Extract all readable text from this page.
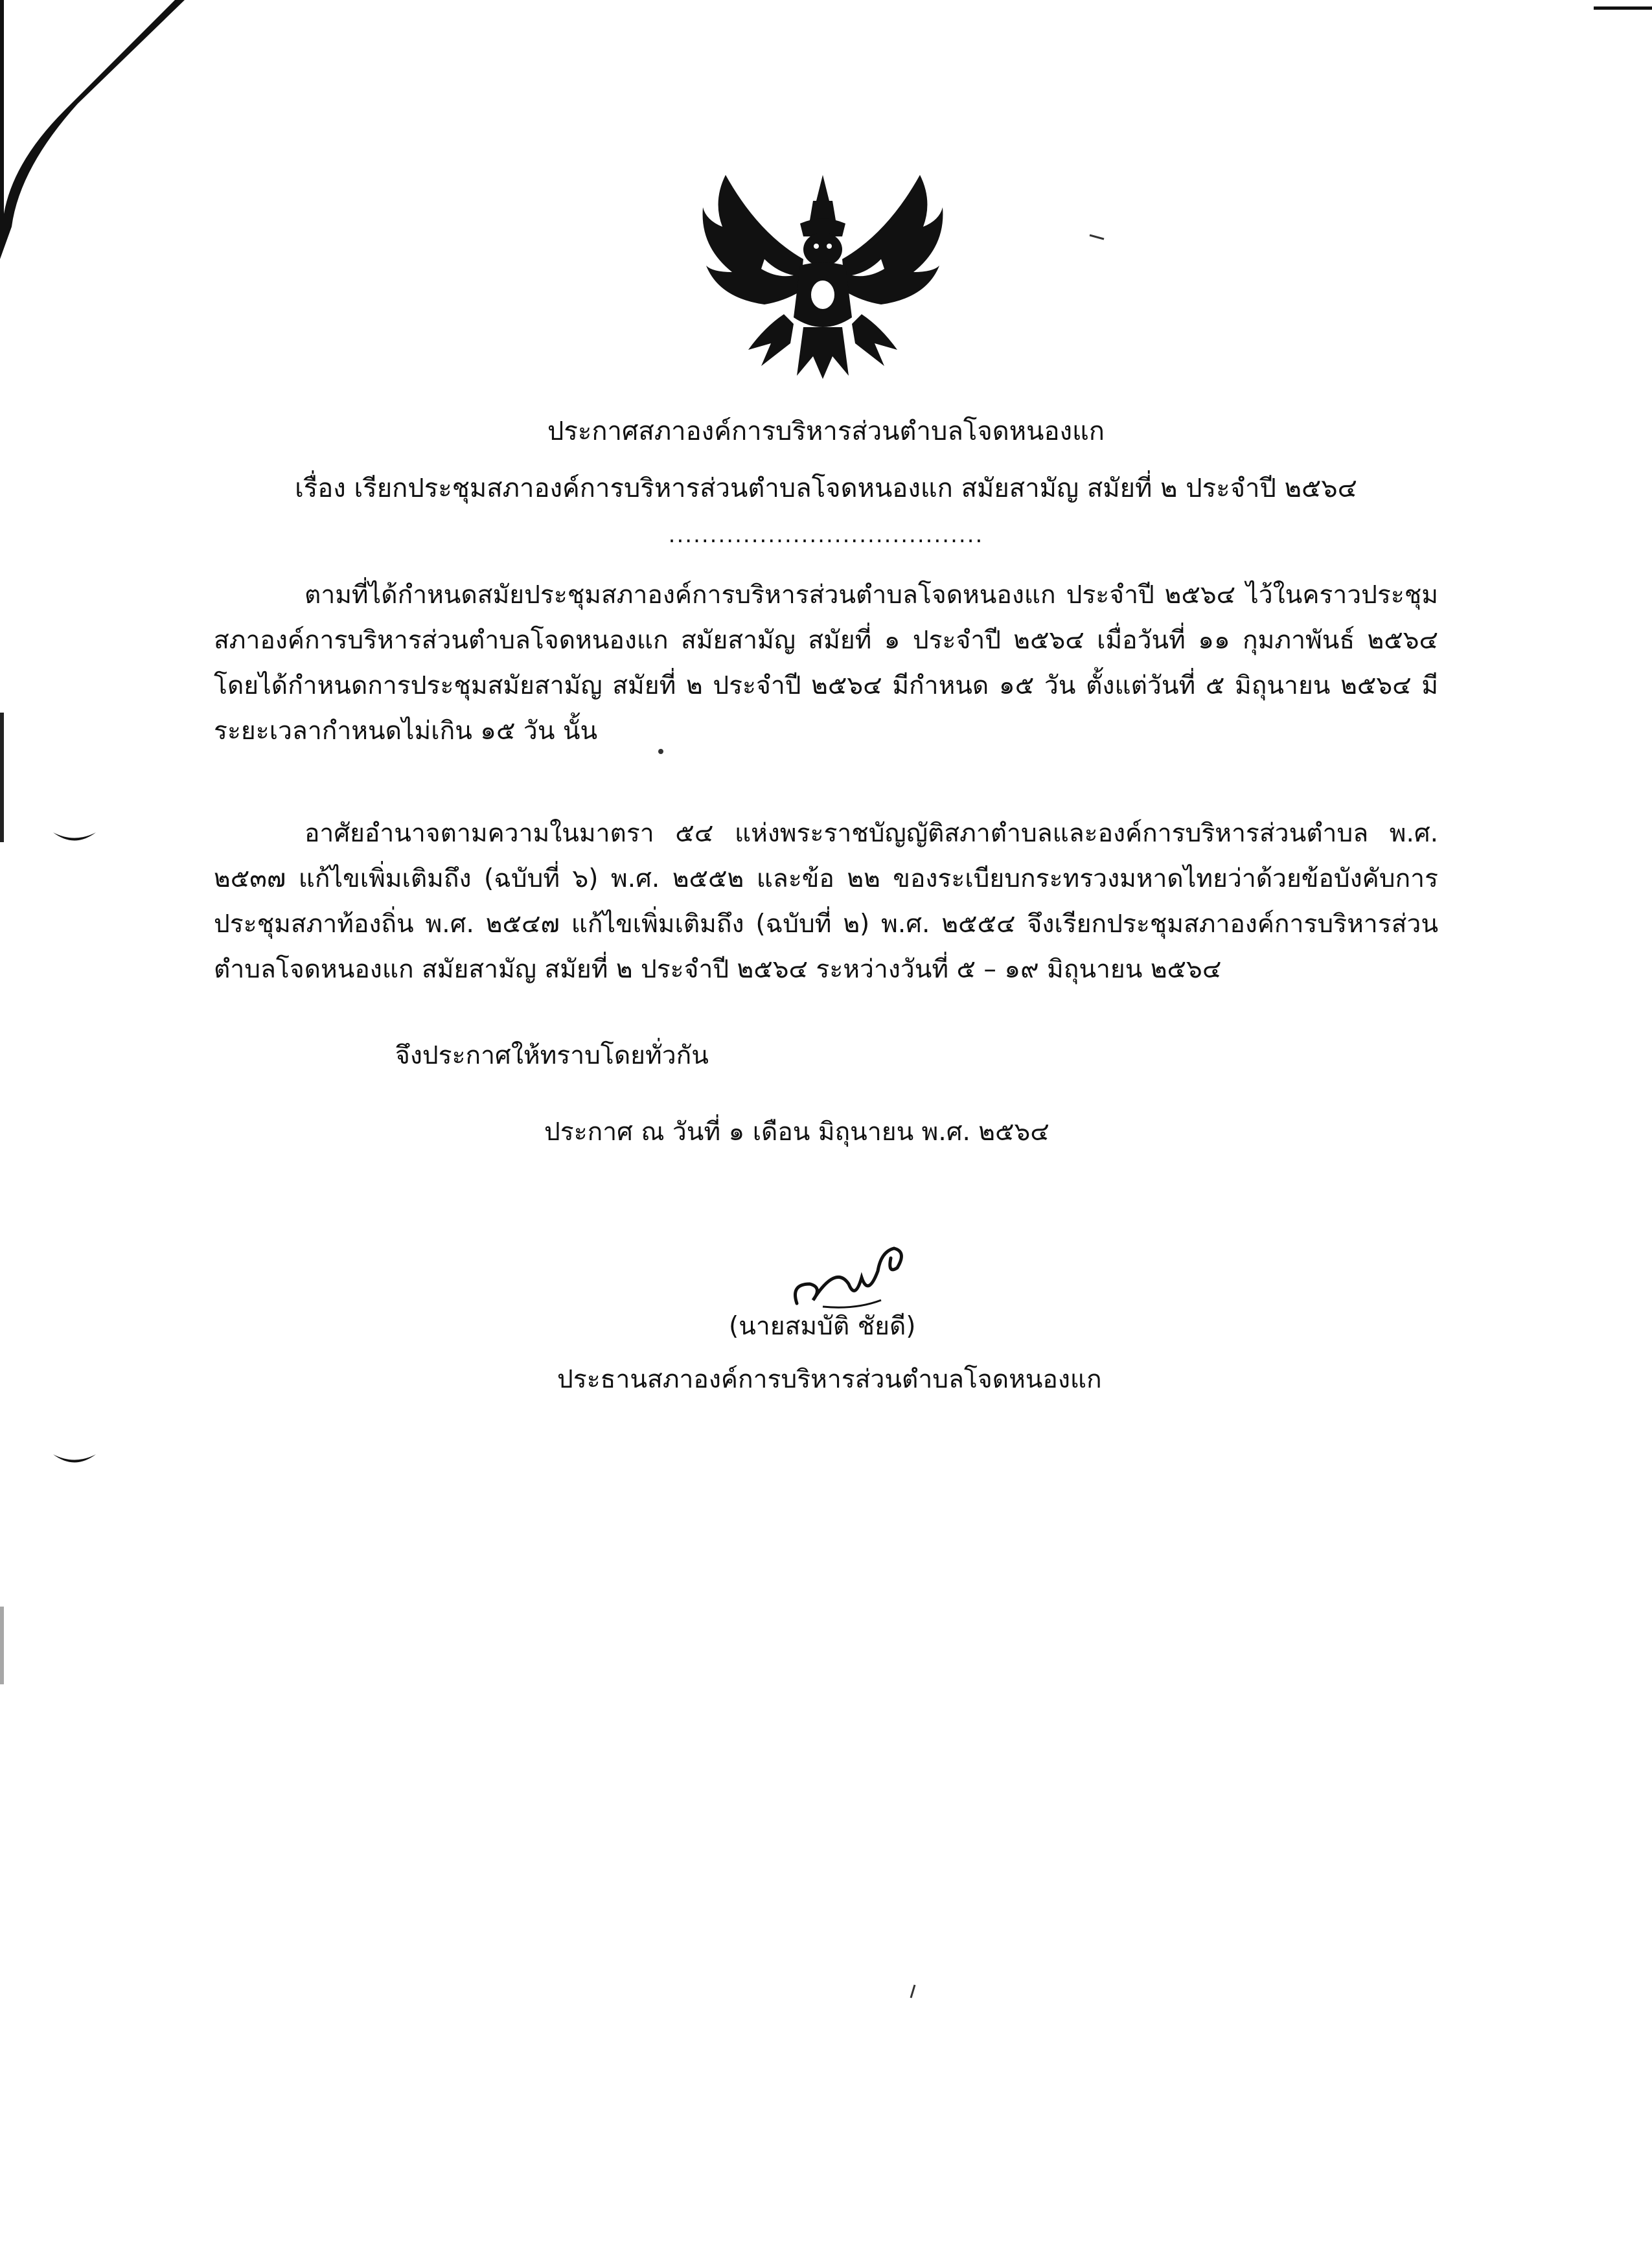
ประกาศสภาองค์การบริหารส่วนตำบลโจดหนองแก
เรื่อง เรียกประชุมสภาองค์การบริหารส่วนตำบลโจดหนองแก สมัยสามัญ สมัยที่ ๒ ประจำปี ๒๕๖๔
......................................
ตามที่ได้กำหนดสมัยประชุมสภาองค์การบริหารส่วนตำบลโจดหนองแก ประจำปี ๒๕๖๔ ไว้ในคราวประชุมสภาองค์การบริหารส่วนตำบลโจดหนองแก สมัยสามัญ สมัยที่ ๑ ประจำปี ๒๕๖๔ เมื่อวันที่ ๑๑ กุมภาพันธ์ ๒๕๖๔ โดยได้กำหนดการประชุมสมัยสามัญ สมัยที่ ๒ ประจำปี ๒๕๖๔ มีกำหนด ๑๕ วัน ตั้งแต่วันที่ ๕ มิถุนายน ๒๕๖๔ มีระยะเวลากำหนดไม่เกิน ๑๕ วัน นั้น
อาศัยอำนาจตามความในมาตรา ๕๔ แห่งพระราชบัญญัติสภาตำบลและองค์การบริหารส่วนตำบล พ.ศ. ๒๕๓๗ แก้ไขเพิ่มเติมถึง (ฉบับที่ ๖) พ.ศ. ๒๕๕๒ และข้อ ๒๒ ของระเบียบกระทรวงมหาดไทยว่าด้วยข้อบังคับการประชุมสภาท้องถิ่น พ.ศ. ๒๕๔๗ แก้ไขเพิ่มเติมถึง (ฉบับที่ ๒) พ.ศ. ๒๕๕๔ จึงเรียกประชุมสภาองค์การบริหารส่วนตำบลโจดหนองแก สมัยสามัญ สมัยที่ ๒ ประจำปี ๒๕๖๔ ระหว่างวันที่ ๕ – ๑๙ มิถุนายน ๒๕๖๔
จึงประกาศให้ทราบโดยทั่วกัน
ประกาศ ณ วันที่ ๑ เดือน มิถุนายน พ.ศ. ๒๕๖๔
(นายสมบัติ ชัยดี)
ประธานสภาองค์การบริหารส่วนตำบลโจดหนองแก
